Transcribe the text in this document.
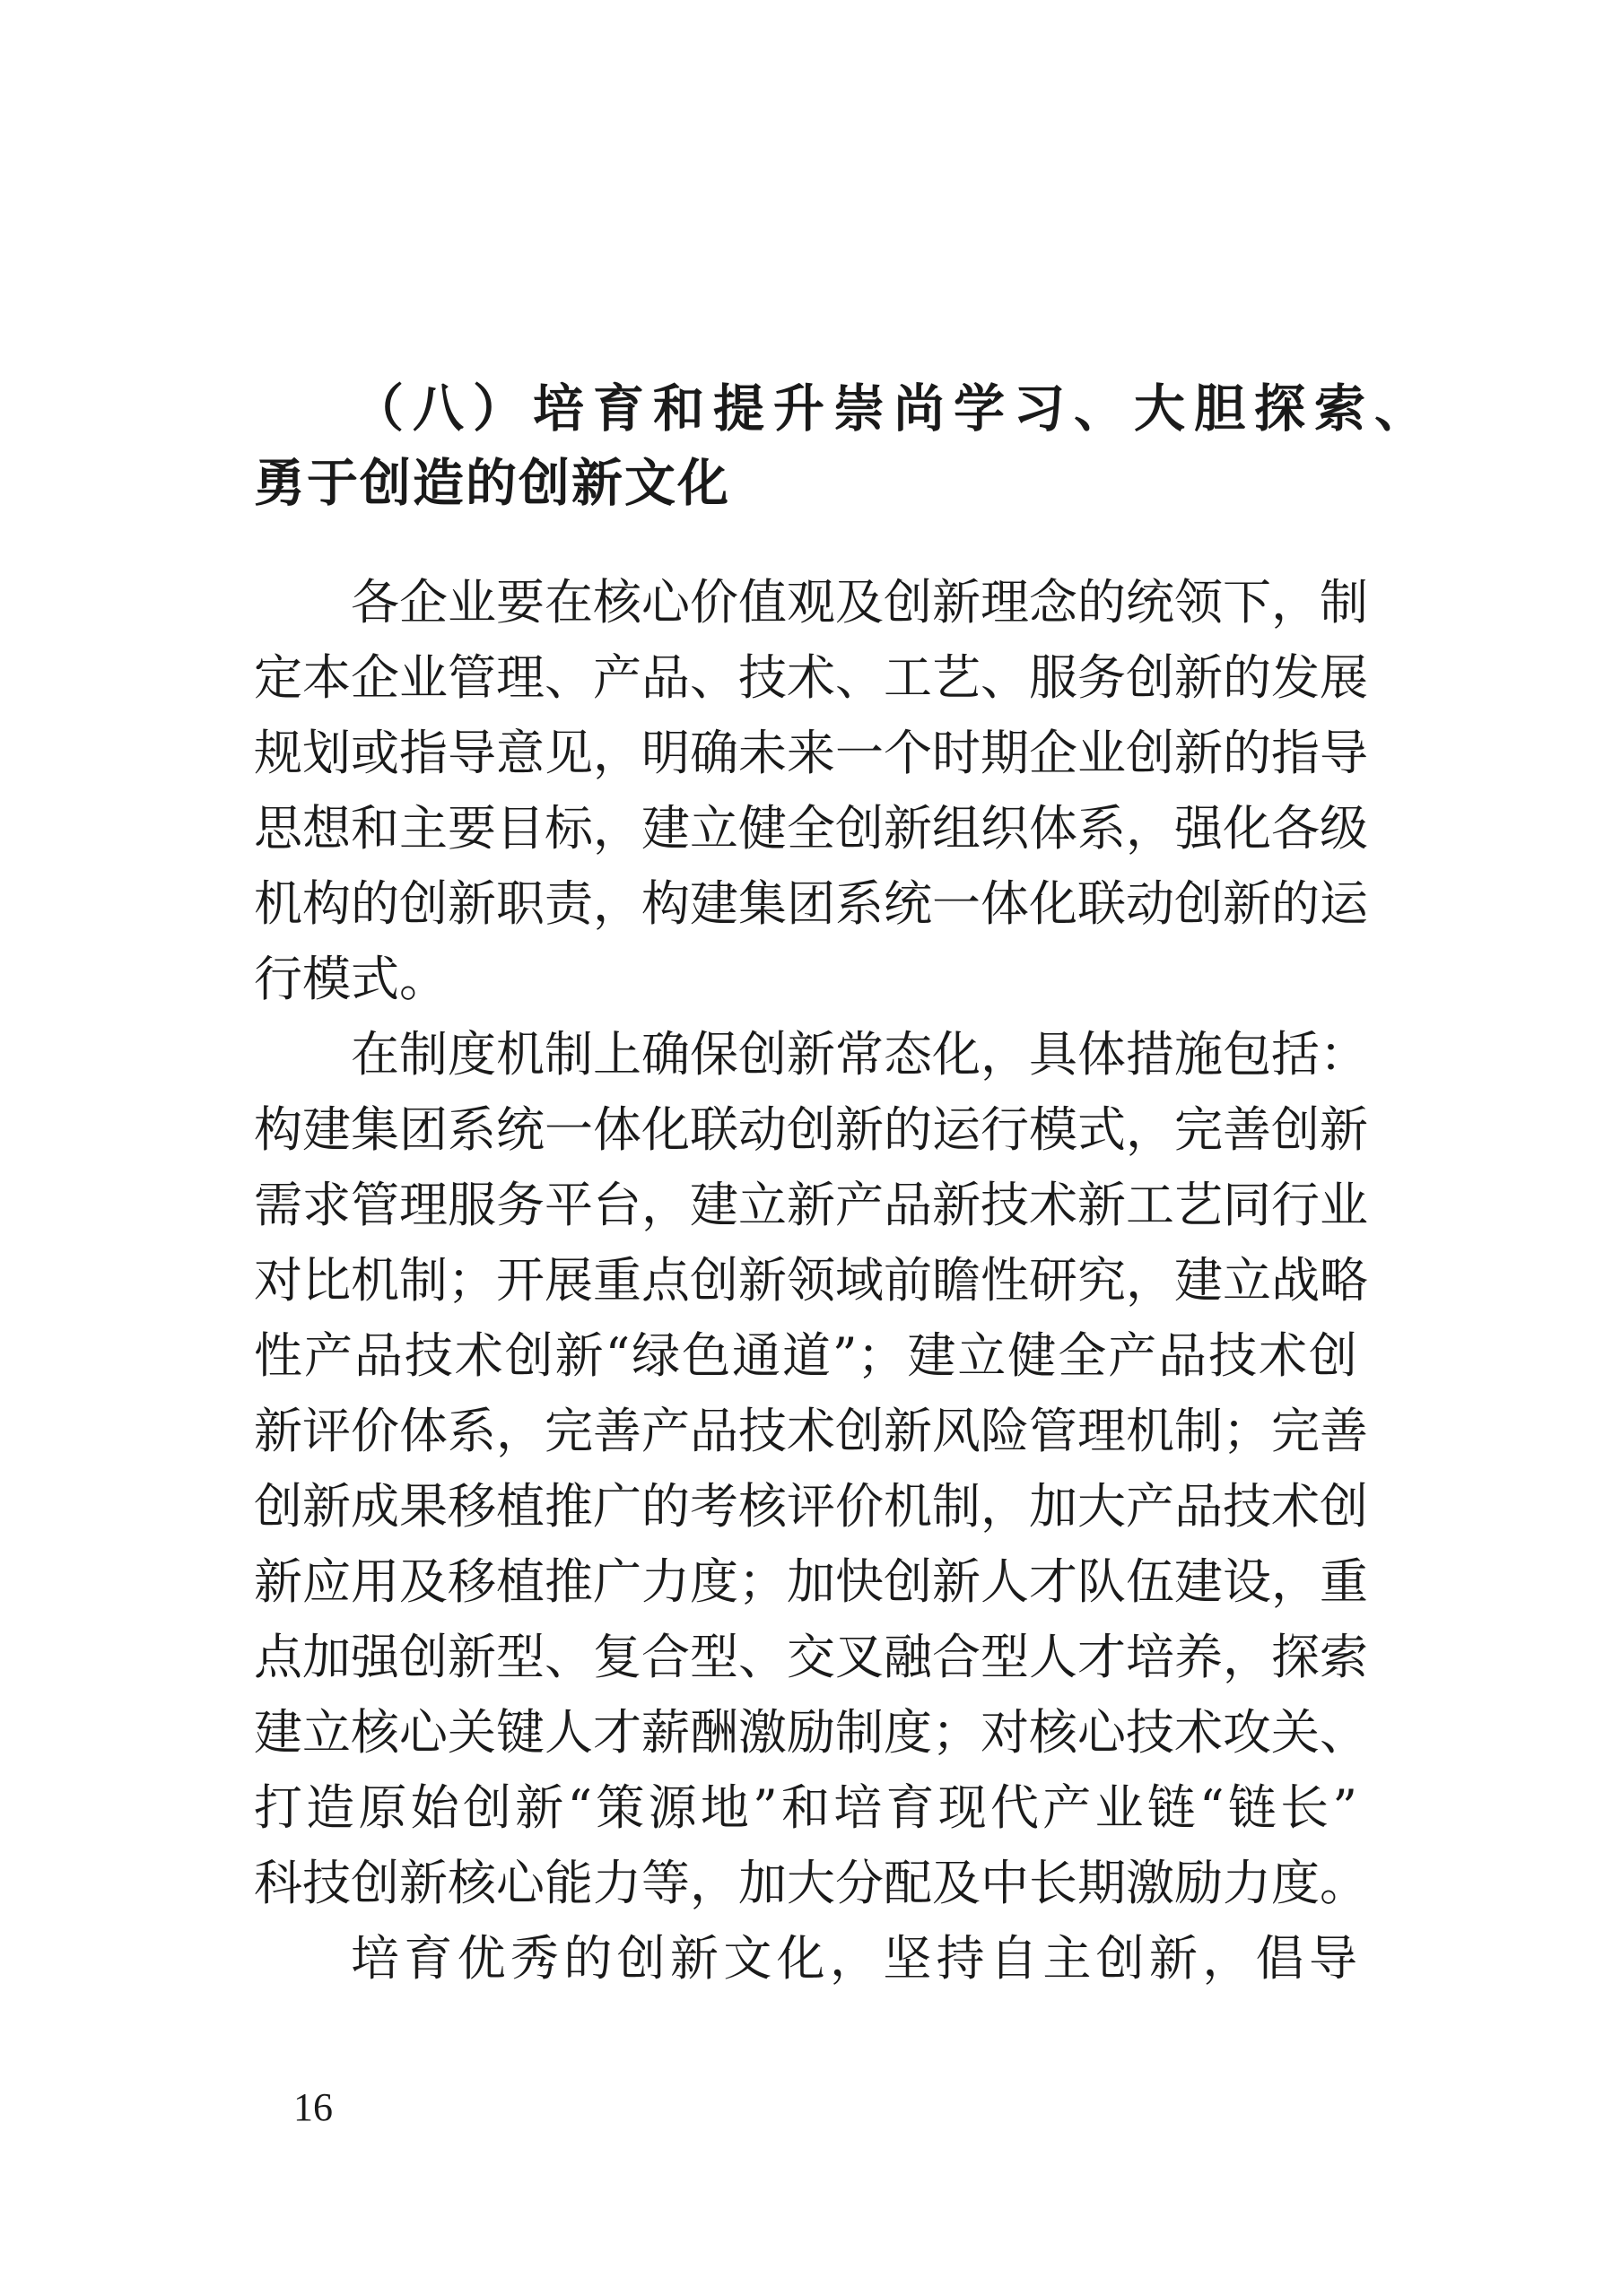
（八）培育和提升崇尚学习、大胆探索、
勇于创造的创新文化
各企业要在核心价值观及创新理念的统领下，制
定本企业管理、产品、技术、工艺、服务创新的发展
规划或指导意见，明确未来一个时期企业创新的指导
思想和主要目标，建立健全创新组织体系，强化各级
机构的创新职责，构建集团系统一体化联动创新的运
行模式。
在制度机制上确保创新常态化，具体措施包括：
构建集团系统一体化联动创新的运行模式，完善创新
需求管理服务平台，建立新产品新技术新工艺同行业
对比机制；开展重点创新领域前瞻性研究，建立战略
性产品技术创新“绿色通道”；建立健全产品技术创
新评价体系，完善产品技术创新风险管理机制；完善
创新成果移植推广的考核评价机制，加大产品技术创
新应用及移植推广力度；加快创新人才队伍建设，重
点加强创新型、复合型、交叉融合型人才培养，探索
建立核心关键人才薪酬激励制度；对核心技术攻关、
打造原始创新“策源地”和培育现代产业链“链长”
科技创新核心能力等，加大分配及中长期激励力度。
培育优秀的创新文化，坚持自主创新，倡导
16
